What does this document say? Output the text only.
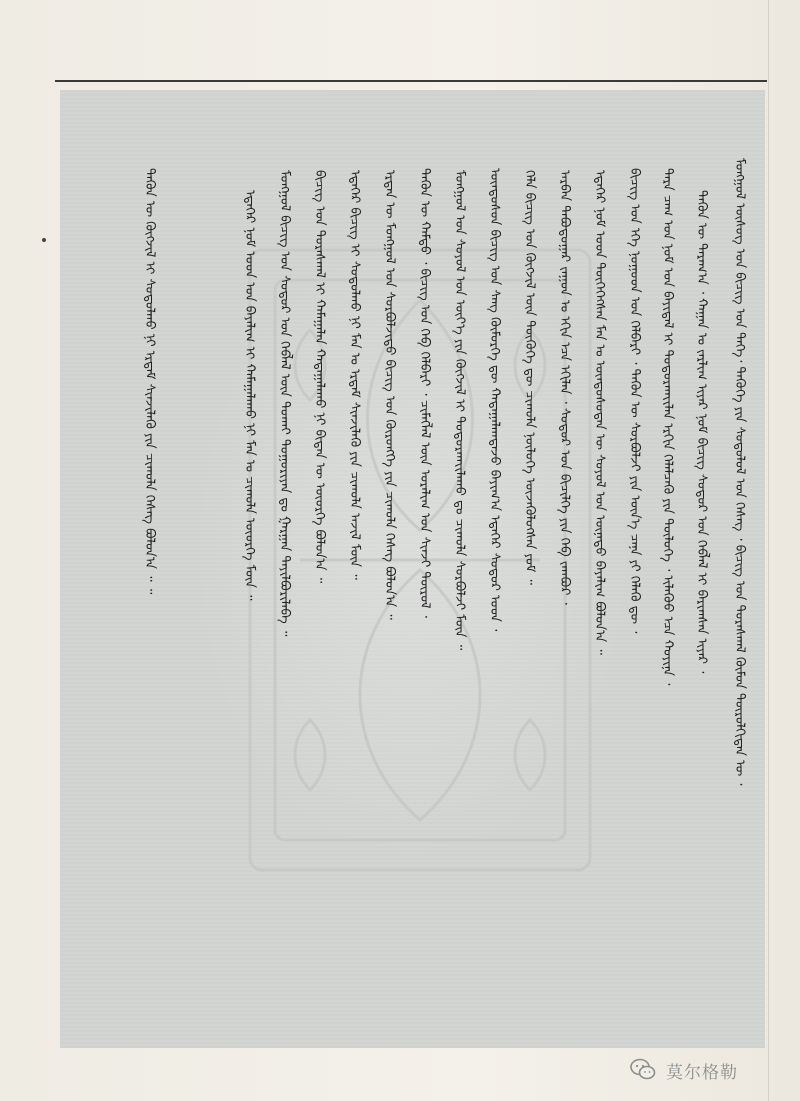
ᠮᠣᠩᠭᠣᠯ ᠦᠰᠦᠭ ᠤᠨ ᠪᠢᠴᠢᠭ ᠤᠨ ᠲᠡᠬᠡ᠂ ᠲᠡᠭᠦᠬᠡ ᠶᠢᠨ ᠰᠤᠳᠤᠯᠤᠯ ᠤᠨ ᠬᠡᠰᠡᠭ ᠂ ᠪᠢᠴᠢᠭ ᠤᠨ ᠳᠤᠷᠠᠰᠬᠠᠯ ᠬᠦᠮᠦᠨ ᠲᠥᠷᠥᠯᠬᠢᠲᠡᠨ ᠦ ᠂
ᠲᠡᠭᠦᠨ ᠦ ᠳᠠᠷᠠᠭ᠎ᠠ ᠂ ᠬᠠᠭᠠᠨ ᠤ ᠵᠠᠷᠯᠢᠭ ᠢᠶᠠᠷ ᠨᠣᠮ ᠪᠢᠴᠢᠭ ᠰᠤᠳᠤᠷ ᠤᠨ ᠬᠡᠪᠯᠡᠯ ᠢ ᠪᠠᠷᠢᠭᠰᠠᠨ ᠢᠶᠠᠷ ᠂
ᠲᠡᠷᠡ ᠴᠠᠭ ᠤᠨ ᠨᠣᠮ ᠤᠨ ᠪᠠᠶᠢᠳᠠᠯ ᠢ ᠲᠣᠳᠣᠷᠬᠠᠶ᠋ᠢᠯᠠᠨ ᠡᠷᠭᠢᠨ ᠬᠡᠯᠡᠯᠴᠡᠬᠦ ᠶᠢᠨ ᠲᠥᠯᠦᠭᠡ ᠂ ᠢᠯᠡᠭᠦᠦ ᠡᠴᠡ ᠬᠣᠶᠢᠨᠠ ᠂
ᠪᠢᠴᠢᠭ ᠤᠨ ᠡᠬᠡ ᠨᠤᠭᠤᠳ ᠤᠨ ᠬᠡᠯᠪᠡᠷᠢ ᠂ ᠲᠡᠭᠦᠨ ᠦ ᠰᠤᠷᠪᠤᠯᠵᠢ ᠶᠢᠨ ᠦᠨ᠎ᠡ ᠴᠡᠨᠡ ᠶᠢ ᠬᠡᠯᠡᠬᠦ ᠳᠦ ᠂
ᠡᠳᠡᠭᠡᠷ ᠨᠣᠮ ᠤᠳ ᠲᠦᠭᠡᠭᠡᠭᠰᠡᠨ ᠮᠠᠨ ᠤ ᠦᠨᠳᠦᠰᠦᠲᠡᠨ ᠦ ᠰᠣᠶᠣᠯ ᠤᠨ ᠦᠨᠡᠲᠦ ᠪᠠᠶᠠᠯᠢᠭ ᠪᠣᠯᠤᠨ᠎ᠠ ᠃
ᠠᠷᠪᠠᠨ ᠲᠠᠪᠤᠳᠤᠭᠠᠷ ᠵᠠᠭᠤᠨ ᠤ ᠡᠬᠢᠨ ᠡᠴᠡ ᠡᠬᠢᠯᠡᠨ ᠂ ᠰᠤᠳᠤᠷ ᠤᠨ ᠪᠢᠴᠢᠯᠭᠡ ᠶᠢᠨ ᠬᠡᠪ ᠵᠠᠭᠪᠤᠷ ᠂
ᠬᠡᠯᠡ ᠪᠢᠴᠢᠭ ᠤᠨ ᠬᠥᠭᠵᠢᠯ ᠦᠨ ᠲᠦᠭᠦᠬᠡ ᠳᠦ ᠴᠢᠬᠤᠯᠠ ᠨᠥᠯᠦᠭᠡ ᠦᠵᠡᠭᠦᠯᠦᠭᠰᠡᠨ ᠶᠤᠮ ᠃
ᠦᠨᠳᠦᠰᠦᠨ ᠪᠢᠴᠢᠭ ᠤᠨ ᠰᠠᠩ ᠬᠥᠮᠥᠷᠭᠡ ᠳᠦ ᠬᠠᠳᠠᠭᠠᠯᠠᠭᠳᠠᠵᠤ ᠪᠠᠶᠢᠭ᠎ᠠ ᠡᠳᠡᠭᠡᠷ ᠰᠤᠳᠤᠷ ᠤᠳ ᠂
ᠮᠣᠩᠭᠣᠯ ᠤᠨ ᠰᠣᠶᠣᠯ ᠤᠨ ᠦᠶ᠎ᠡ ᠶᠢᠨ ᠬᠥᠭᠵᠢᠯ ᠢ ᠲᠣᠳᠣᠷᠬᠠᠶ᠋ᠢᠯᠠᠬᠤ ᠳᠤ ᠴᠢᠬᠤᠯᠠ ᠰᠤᠷᠪᠤᠯᠵᠢ ᠮᠥᠨ ᠃
ᠲᠡᠭᠦᠨ ᠦ ᠬᠠᠮᠲᠤ ᠂ ᠪᠢᠴᠢᠭ ᠤᠨ ᠬᠡᠪ ᠬᠡᠯᠪᠡᠷᠢ ᠂ ᠴᠢᠮᠡᠭᠯᠡᠯ ᠦᠨ ᠤᠷᠠᠯᠢᠭ ᠤᠨ ᠰᠢᠨᠵᠢ ᠲᠥᠷᠥᠯ ᠂
ᠡᠷᠲᠡᠨ ᠦ ᠮᠣᠩᠭᠣᠯ ᠤᠨ ᠰᠤᠷᠪᠤᠯᠵᠢᠲᠤ ᠪᠢᠴᠢᠭ ᠤᠨ ᠬᠥᠷᠥᠩᠭᠡ ᠶᠢᠨ ᠴᠢᠬᠤᠯᠠ ᠬᠡᠰᠡᠭ ᠪᠣᠯᠤᠨ᠎ᠠ ᠃
ᠡᠳᠡᠭᠡᠷ ᠪᠢᠴᠢᠭ ᠢ ᠰᠤᠳᠤᠯᠬᠤ ᠨᠢ ᠮᠠᠨ ᠤ ᠡᠷᠳᠡᠮ ᠰᠢᠨᠵᠢᠯᠡᠬᠦ ᠶᠢᠨ ᠴᠢᠬᠤᠯᠠ ᠠᠵᠢᠯ ᠮᠥᠨ ᠃
ᠪᠢᠴᠢᠭ ᠤᠨ ᠳᠤᠷᠠᠰᠬᠠᠯ ᠢ ᠬᠠᠮᠠᠭᠠᠯᠠᠨ ᠬᠠᠳᠠᠭᠠᠯᠠᠬᠤ ᠨᠢ ᠪᠢᠳᠡᠨ ᠦ ᠦᠦᠷᠭᠡ ᠪᠣᠯᠤᠨ᠎ᠠ ᠃
ᠮᠣᠩᠭᠣᠯ ᠪᠢᠴᠢᠭ ᠤᠨ ᠰᠤᠳᠤᠷ ᠤᠨ ᠬᠡᠪᠯᠡᠯ ᠦᠨ ᠲᠤᠬᠠᠢ ᠳᠤᠭᠤᠷᠢᠶᠠᠨ ᠳᠤ ᠭᠠᠷᠭᠠᠨ ᠲᠠᠶᠢᠯᠪᠤᠷᠢᠯᠠᠪᠠ ᠃
ᠡᠳᠡᠭᠡᠷ ᠨᠣᠮ ᠤᠳ ᠤᠨ ᠪᠠᠶᠠᠯᠢᠭ ᠢ ᠬᠠᠮᠠᠭᠠᠯᠠᠬᠤ ᠨᠢ ᠮᠠᠨ ᠤ ᠴᠢᠬᠤᠯᠠ ᠦᠦᠷᠭᠡ ᠮᠥᠨ ᠃
ᠲᠡᠭᠦᠨ ᠦ ᠬᠥᠭᠵᠢᠯ ᠢ ᠰᠤᠳᠤᠯᠬᠤ ᠨᠢ ᠡᠷᠳᠡᠮ ᠰᠢᠨᠵᠢᠯᠡᠬᠦ ᠶᠢᠨ ᠴᠢᠬᠤᠯᠠ ᠬᠡᠰᠡᠭ ᠪᠣᠯᠤᠨ᠎ᠠ ᠃ ᠃
莫尔格勒
